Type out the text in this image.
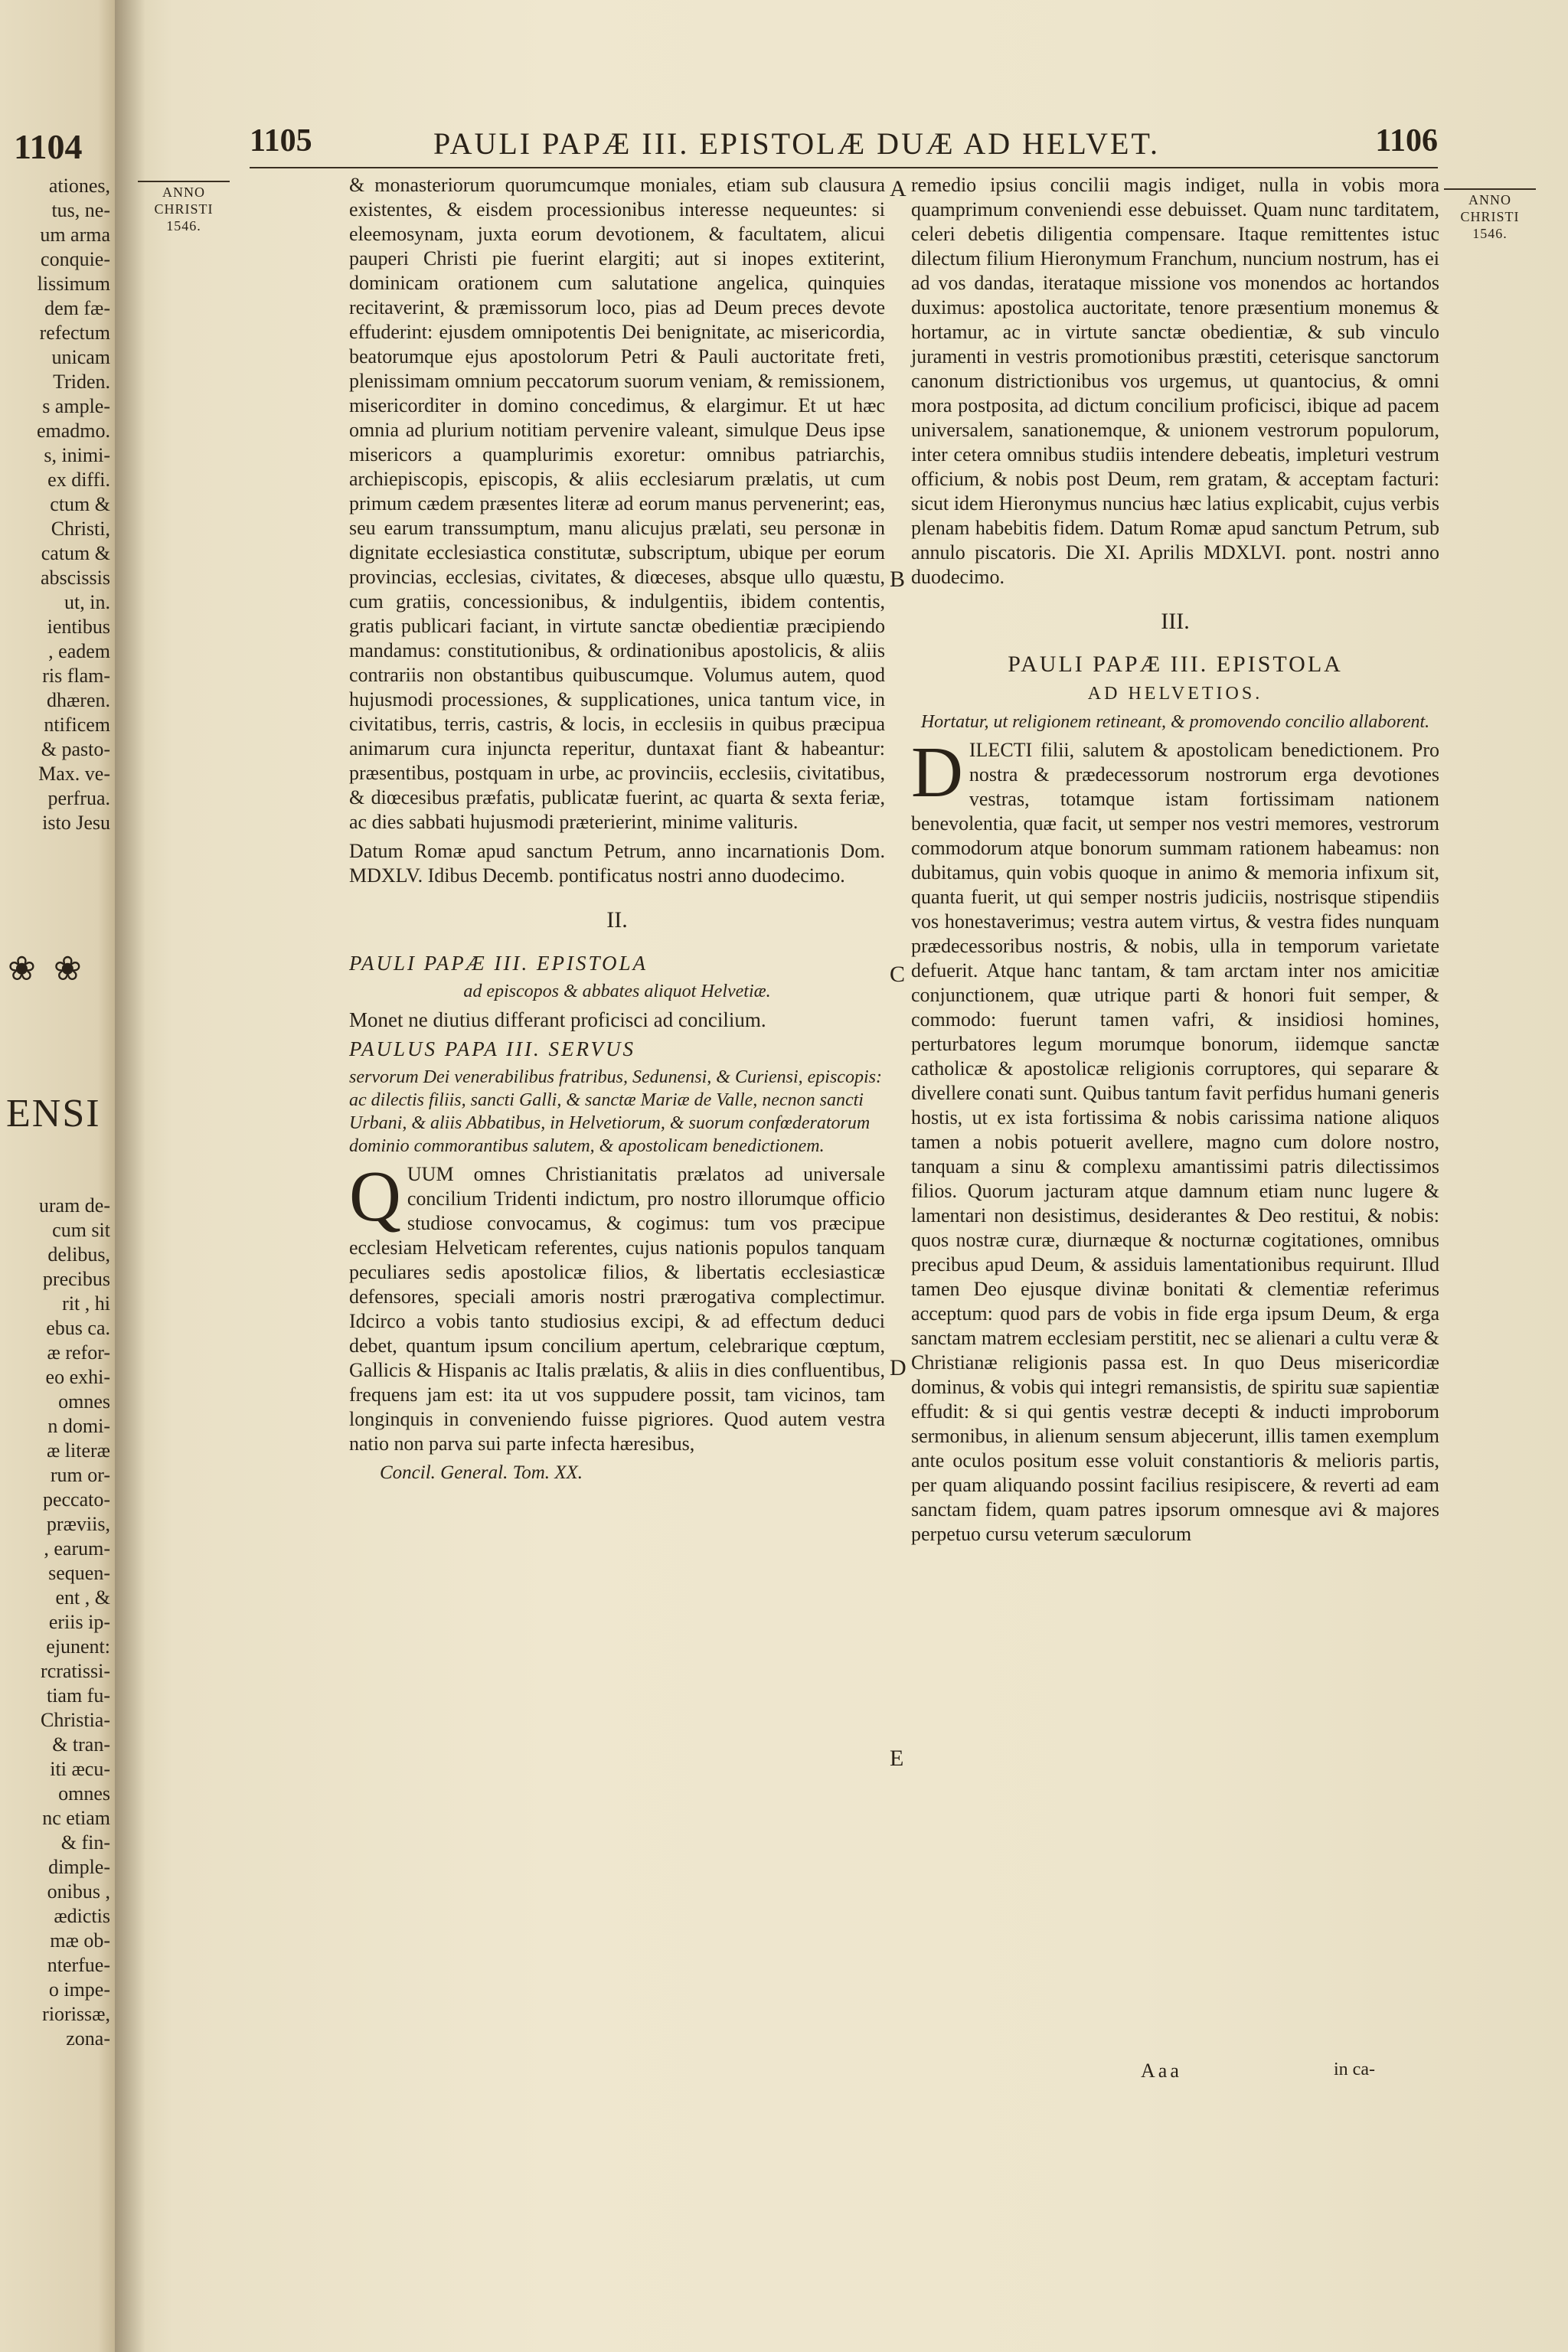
1104
ationes,
tus, ne-
um arma
conquie-
lissimum
dem fæ-
refectum
unicam
Triden.
s ample-
emadmo.
s, inimi-
ex diffi.
ctum &
Christi,
catum &
abscissis
ut, in.
ientibus
, eadem
ris flam-
dhæren.
ntificem
& pasto-
Max. ve-
perfrua.
isto Jesu
❀ ❀
ENSI
uram de-
cum sit
delibus,
precibus
rit , hi
ebus ca.
æ refor-
eo exhi-
omnes
n domi-
æ literæ
rum or-
peccato-
præviis,
, earum-
sequen-
ent , &
eriis ip-
ejunent:
rcratissi-
tiam fu-
Christia-
& tran-
iti æcu-
omnes
nc etiam
& fin-
dimple-
onibus ,
ædictis
mæ ob-
nterfue-
o impe-
riorissæ,
zona-
1105	PAULI PAPÆ III. EPISTOLÆ DUÆ AD HELVET.	1106
ANNO
CHRISTI
1546.
ANNO
CHRISTI
1546.
A
B
C
D
E

& monasteriorum quorumcumque moniales, etiam sub clausura existentes, & eisdem processionibus interesse nequeuntes: si eleemosynam, juxta eorum devotionem, & facultatem, alicui pauperi Christi pie fuerint elargiti; aut si inopes extiterint, dominicam orationem cum salutatione angelica, quinquies recitaverint, & præmissorum loco, pias ad Deum preces devote effuderint: ejusdem omnipotentis Dei benignitate, ac misericordia, beatorumque ejus apostolorum Petri & Pauli auctoritate freti, plenissimam omnium peccatorum suorum veniam, & remissionem, misericorditer in domino concedimus, & elargimur. Et ut hæc omnia ad plurium notitiam pervenire valeant, simulque Deus ipse misericors a quamplurimis exoretur: omnibus patriarchis, archiepiscopis, episcopis, & aliis ecclesiarum prælatis, ut cum primum cædem præsentes literæ ad eorum manus pervenerint; eas, seu earum transsumptum, manu alicujus prælati, seu personæ in dignitate ecclesiastica constitutæ, subscriptum, ubique per eorum provincias, ecclesias, civitates, & diœceses, absque ullo quæstu, cum gratiis, concessionibus, & indulgentiis, ibidem contentis, gratis publicari faciant, in virtute sanctæ obedientiæ præcipiendo mandamus: constitutionibus, & ordinationibus apostolicis, & aliis contrariis non obstantibus quibuscumque. Volumus autem, quod hujusmodi processiones, & supplicationes, unica tantum vice, in civitatibus, terris, castris, & locis, in ecclesiis in quibus præcipua animarum cura injuncta reperitur, duntaxat fiant & habeantur: præsentibus, postquam in urbe, ac provinciis, ecclesiis, civitatibus, & diœcesibus præfatis, publicatæ fuerint, ac quarta & sexta feriæ, ac dies sabbati hujusmodi præterierint, minime valituris.

Datum Romæ apud sanctum Petrum, anno incarnationis Dom. MDXLV. Idibus Decemb. pontificatus nostri anno duodecimo.

II.

PAULI PAPÆ III. EPISTOLA

ad episcopos & abbates aliquot Helvetiæ.

Monet ne diutius differant proficisci ad concilium.

PAULUS PAPA III. SERVUS

servorum Dei venerabilibus fratribus, Sedunensi, & Curiensi, episcopis: ac dilectis filiis, sancti Galli, & sanctæ Mariæ de Valle, necnon sancti Urbani, & aliis Abbatibus, in Helvetiorum, & suorum confœderatorum dominio commorantibus salutem, & apostolicam benedictionem.

Q UUM omnes Christianitatis prælatos ad universale concilium Tridenti indictum, pro nostro illorumque officio studiose convocamus, & cogimus: tum vos præcipue ecclesiam Helveticam referentes, cujus nationis populos tanquam peculiares sedis apostolicæ filios, & libertatis ecclesiasticæ defensores, speciali amoris nostri prærogativa complectimur. Idcirco a vobis tanto studiosius excipi, & ad effectum deduci debet, quantum ipsum concilium apertum, celebrarique cœptum, Gallicis & Hispanis ac Italis prælatis, & aliis in dies confluentibus, frequens jam est: ita ut vos suppudere possit, tam vicinos, tam longinquis in conveniendo fuisse pigriores. Quod autem vestra natio non parva sui parte infecta hæresibus,

Concil. General. Tom. XX.

remedio ipsius concilii magis indiget, nulla in vobis mora quamprimum conveniendi esse debuisset. Quam nunc tarditatem, celeri debetis diligentia compensare. Itaque remittentes istuc dilectum filium Hieronymum Franchum, nuncium nostrum, has ei ad vos dandas, iterataque missione vos monendos ac hortandos duximus: apostolica auctoritate, tenore præsentium monemus & hortamur, ac in virtute sanctæ obedientiæ, & sub vinculo juramenti in vestris promotionibus præstiti, ceterisque sanctorum canonum districtionibus vos urgemus, ut quantocius, & omni mora postposita, ad dictum concilium proficisci, ibique ad pacem universalem, sanationemque, & unionem vestrorum populorum, inter cetera omnibus studiis intendere debeatis, impleturi vestrum officium, & nobis post Deum, rem gratam, & acceptam facturi: sicut idem Hieronymus nuncius hæc latius explicabit, cujus verbis plenam habebitis fidem. Datum Romæ apud sanctum Petrum, sub annulo piscatoris. Die XI. Aprilis MDXLVI. pont. nostri anno duodecimo.

III.

PAULI PAPÆ III. EPISTOLA

AD HELVETIOS.

Hortatur, ut religionem retineant, & promovendo concilio allaborent.

D ILECTI filii, salutem & apostolicam benedictionem. Pro nostra & prædecessorum nostrorum erga devotiones vestras, totamque istam fortissimam nationem benevolentia, quæ facit, ut semper nos vestri memores, vestrorum commodorum atque bonorum summam rationem habeamus: non dubitamus, quin vobis quoque in animo & memoria infixum sit, quanta fuerit, ut qui semper nostris judiciis, nostrisque stipendiis vos honestaverimus; vestra autem virtus, & vestra fides nunquam prædecessoribus nostris, & nobis, ulla in temporum varietate defuerit. Atque hanc tantam, & tam arctam inter nos amicitiæ conjunctionem, quæ utrique parti & honori fuit semper, & commodo: fuerunt tamen vafri, & insidiosi homines, perturbatores legum morumque bonorum, iidemque sanctæ catholicæ & apostolicæ religionis corruptores, qui separare & divellere conati sunt. Quibus tantum favit perfidus humani generis hostis, ut ex ista fortissima & nobis carissima natione aliquos tamen a nobis potuerit avellere, magno cum dolore nostro, tanquam a sinu & complexu amantissimi patris dilectissimos filios. Quorum jacturam atque damnum etiam nunc lugere & lamentari non desistimus, desiderantes & Deo restitui, & nobis: quos nostræ curæ, diurnæque & nocturnæ cogitationes, omnibus precibus apud Deum, & assiduis lamentationibus requirunt. Illud tamen Deo ejusque divinæ bonitati & clementiæ referimus acceptum: quod pars de vobis in fide erga ipsum Deum, & erga sanctam matrem ecclesiam perstitit, nec se alienari a cultu veræ & Christianæ religionis passa est. In quo Deus misericordiæ dominus, & vobis qui integri remansistis, de spiritu suæ sapientiæ effudit: & si qui gentis vestræ decepti & inducti improborum sermonibus, in alienum sensum abjecerunt, illis tamen exemplum ante oculos positum esse voluit constantioris & melioris partis, per quam aliquando possint facilius resipiscere, & reverti ad eam sanctam fidem, quam patres ipsorum omnesque avi & majores perpetuo cursu veterum sæculorum

Aaa	in ca-
